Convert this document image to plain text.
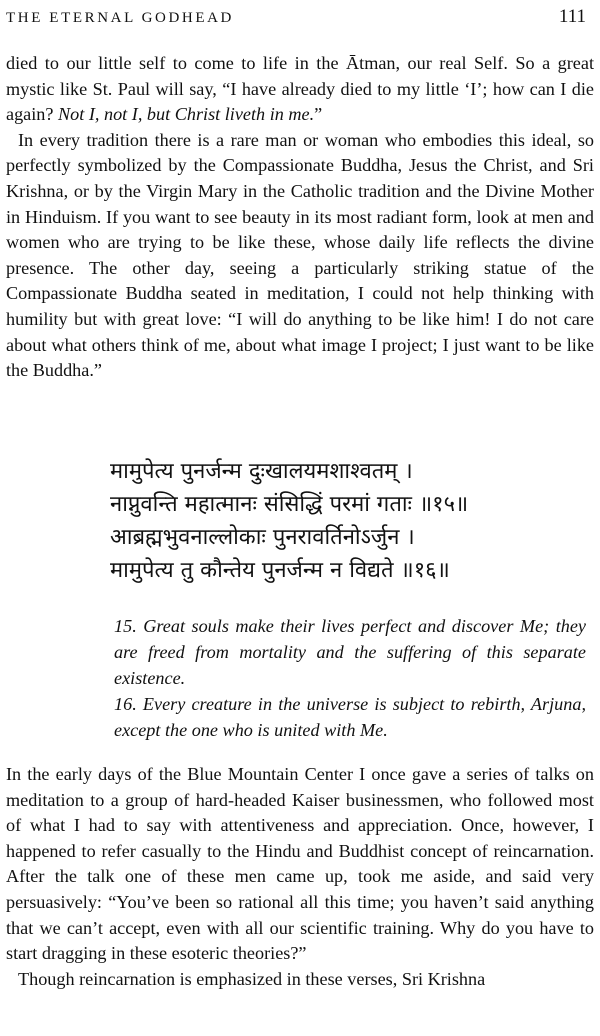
THE ETERNAL GODHEAD	111

died to our little self to come to life in the Ātman, our real Self. So a great mystic like St. Paul will say, “I have already died to my little ‘I’; how can I die again? Not I, not I, but Christ liveth in me.”

In every tradition there is a rare man or woman who embodies this ideal, so perfectly symbolized by the Compassionate Buddha, Jesus the Christ, and Sri Krishna, or by the Virgin Mary in the Catholic tradition and the Divine Mother in Hinduism. If you want to see beauty in its most radiant form, look at men and women who are trying to be like these, whose daily life reflects the divine presence. The other day, seeing a particularly striking statue of the Compassionate Buddha seated in meditation, I could not help thinking with humility but with great love: “I will do anything to be like him! I do not care about what others think of me, about what image I project; I just want to be like the Buddha.”

मामुपेत्य पुनर्जन्म दुःखालयमशाश्वतम् ।
नाप्नुवन्ति महात्मानः संसिद्धिं परमां गताः ॥१५॥
आब्रह्मभुवनाल्लोकाः पुनरावर्तिनोऽर्जुन ।
मामुपेत्य तु कौन्तेय पुनर्जन्म न विद्यते ॥१६॥

15. Great souls make their lives perfect and discover Me; they are freed from mortality and the suffering of this separate existence.

16. Every creature in the universe is subject to rebirth, Arjuna, except the one who is united with Me.

In the early days of the Blue Mountain Center I once gave a series of talks on meditation to a group of hard-headed Kaiser businessmen, who followed most of what I had to say with attentiveness and appreciation. Once, however, I happened to refer casually to the Hindu and Buddhist concept of reincarnation. After the talk one of these men came up, took me aside, and said very persuasively: “You’ve been so rational all this time; you haven’t said anything that we can’t accept, even with all our scientific training. Why do you have to start dragging in these esoteric theories?”

Though reincarnation is emphasized in these verses, Sri Krishna
